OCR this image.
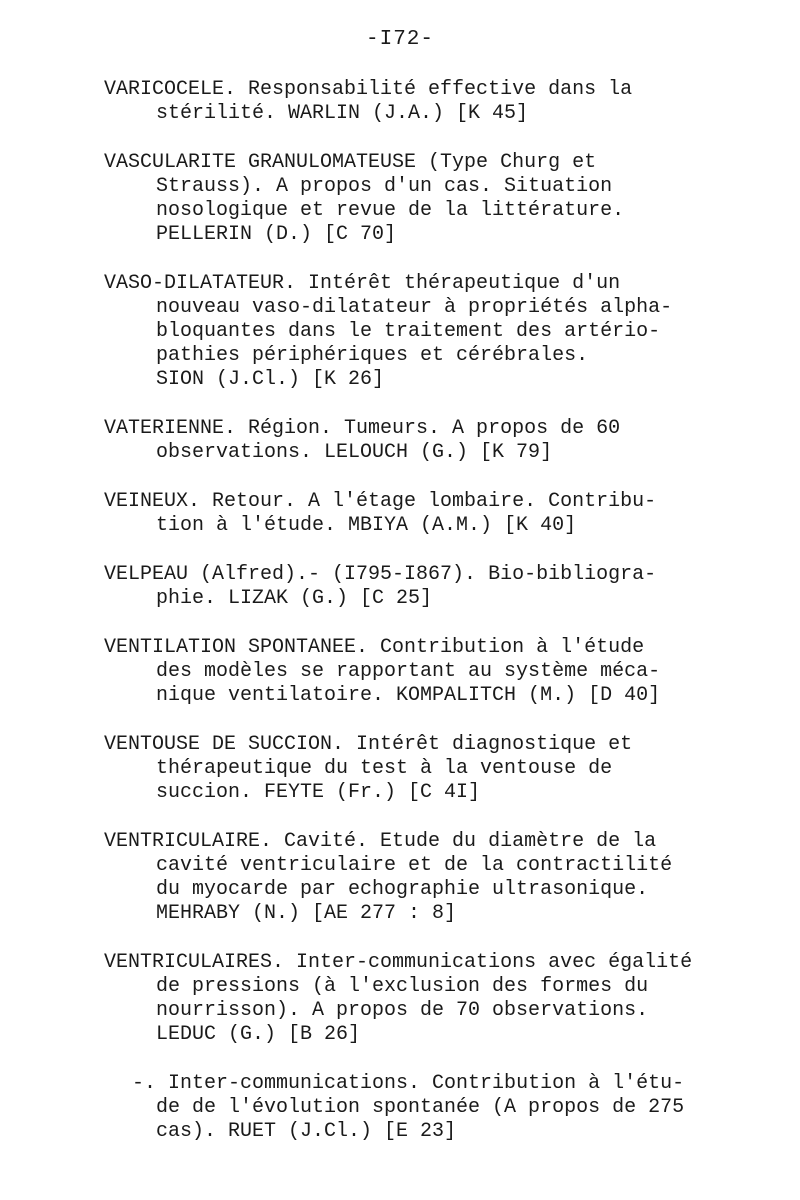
-I72-
VARICOCELE. Responsabilité effective dans la
stérilité. WARLIN (J.A.) [K 45]
VASCULARITE GRANULOMATEUSE (Type Churg et
Strauss). A propos d'un cas. Situation
nosologique et revue de la littérature.
PELLERIN (D.) [C 70]
VASO-DILATATEUR. Intérêt thérapeutique d'un
nouveau vaso-dilatateur à propriétés alpha-
bloquantes dans le traitement des artério-
pathies périphériques et cérébrales.
SION (J.Cl.) [K 26]
VATERIENNE. Région. Tumeurs. A propos de 60
observations. LELOUCH (G.) [K 79]
VEINEUX. Retour. A l'étage lombaire. Contribu-
tion à l'étude. MBIYA (A.M.) [K 40]
VELPEAU (Alfred).- (I795-I867). Bio-bibliogra-
phie. LIZAK (G.) [C 25]
VENTILATION SPONTANEE. Contribution à l'étude
des modèles se rapportant au système méca-
nique ventilatoire. KOMPALITCH (M.) [D 40]
VENTOUSE DE SUCCION. Intérêt diagnostique et
thérapeutique du test à la ventouse de
succion. FEYTE (Fr.) [C 4I]
VENTRICULAIRE. Cavité. Etude du diamètre de la
cavité ventriculaire et de la contractilité
du myocarde par echographie ultrasonique.
MEHRABY (N.) [AE 277 : 8]
VENTRICULAIRES. Inter-communications avec égalité
de pressions (à l'exclusion des formes du
nourrisson). A propos de 70 observations.
LEDUC (G.) [B 26]
-. Inter-communications. Contribution à l'étu-
de de l'évolution spontanée (A propos de 275
cas). RUET (J.Cl.) [E 23]
